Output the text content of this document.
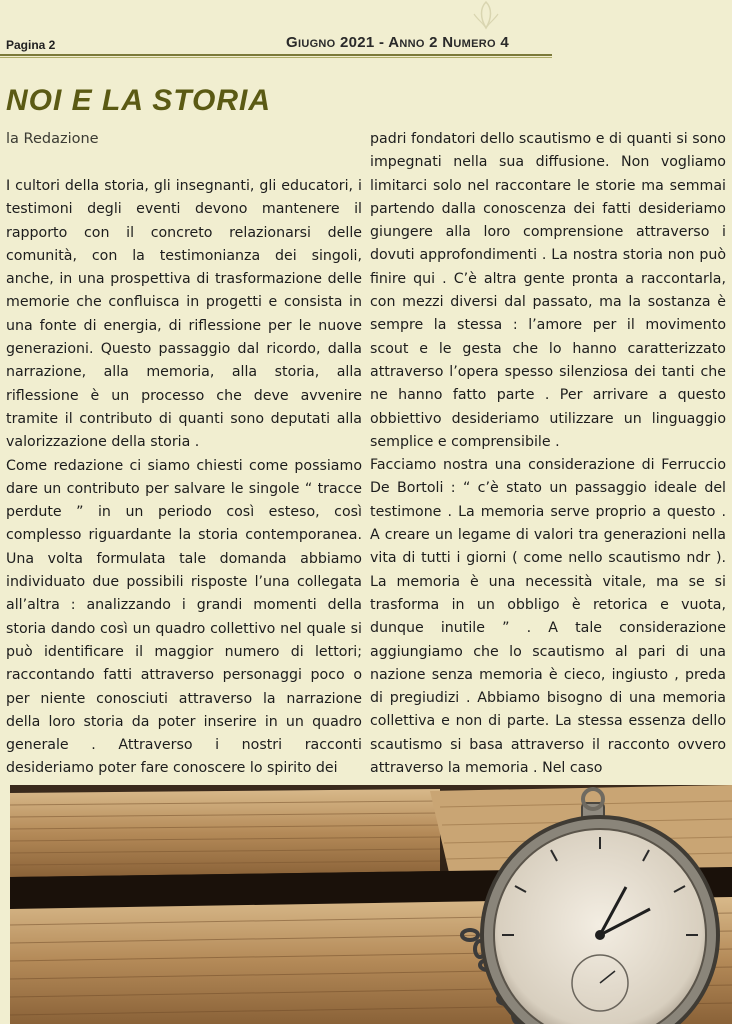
Pagina 2	Giugno 2021 - Anno 2 Numero 4
NOI E LA STORIA
la Redazione

I cultori della storia, gli insegnanti, gli educatori, i testimoni degli eventi devono mantenere il rapporto con il concreto relazionarsi delle comunità, con la testimonianza dei singoli, anche, in una prospettiva di trasformazione delle memorie che confluisca in progetti e consista in una fonte di energia, di riflessione per le nuove generazioni. Questo passaggio dal ricordo, dalla narrazione, alla memoria, alla storia, alla riflessione è un processo che deve avvenire tramite il contributo di quanti sono deputati alla valorizzazione della storia .

Come redazione ci siamo chiesti come possiamo dare un contributo per salvare le singole “ tracce perdute ” in un periodo così esteso, così complesso riguardante la storia contemporanea. Una volta formulata tale domanda abbiamo individuato due possibili risposte l’una collegata all’altra : analizzando i grandi momenti della storia dando così un quadro collettivo nel quale si può identificare il maggior numero di lettori; raccontando fatti attraverso personaggi poco o per niente conosciuti attraverso la narrazione della loro storia da poter inserire in un quadro generale . Attraverso i nostri racconti desideriamo poter fare conoscere lo spirito dei

padri fondatori dello scautismo e di quanti si sono impegnati nella sua diffusione. Non vogliamo limitarci solo nel raccontare le storie ma semmai partendo dalla conoscenza dei fatti desideriamo giungere alla loro comprensione attraverso i dovuti approfondimenti . La nostra storia non può finire qui . C’è altra gente pronta a raccontarla, con mezzi diversi dal passato, ma la sostanza è sempre la stessa : l’amore per il movimento scout e le gesta che lo hanno caratterizzato attraverso l’opera spesso silenziosa dei tanti che ne hanno fatto parte . Per arrivare a questo obbiettivo desideriamo utilizzare un linguaggio semplice e comprensibile .

Facciamo nostra una considerazione di Ferruccio De Bortoli : “ c’è stato un passaggio ideale del testimone . La memoria serve proprio a questo . A creare un legame di valori tra generazioni nella vita di tutti i giorni ( come nello scautismo ndr ). La memoria è una necessità vitale, ma se si trasforma in un obbligo è retorica e vuota, dunque inutile ” . A tale considerazione aggiungiamo che lo scautismo al pari di una nazione senza memoria è cieco, ingiusto , preda di pregiudizi . Abbiamo bisogno di una memoria collettiva e non di parte. La stessa essenza dello scautismo si basa attraverso il racconto ovvero attraverso la memoria . Nel caso
